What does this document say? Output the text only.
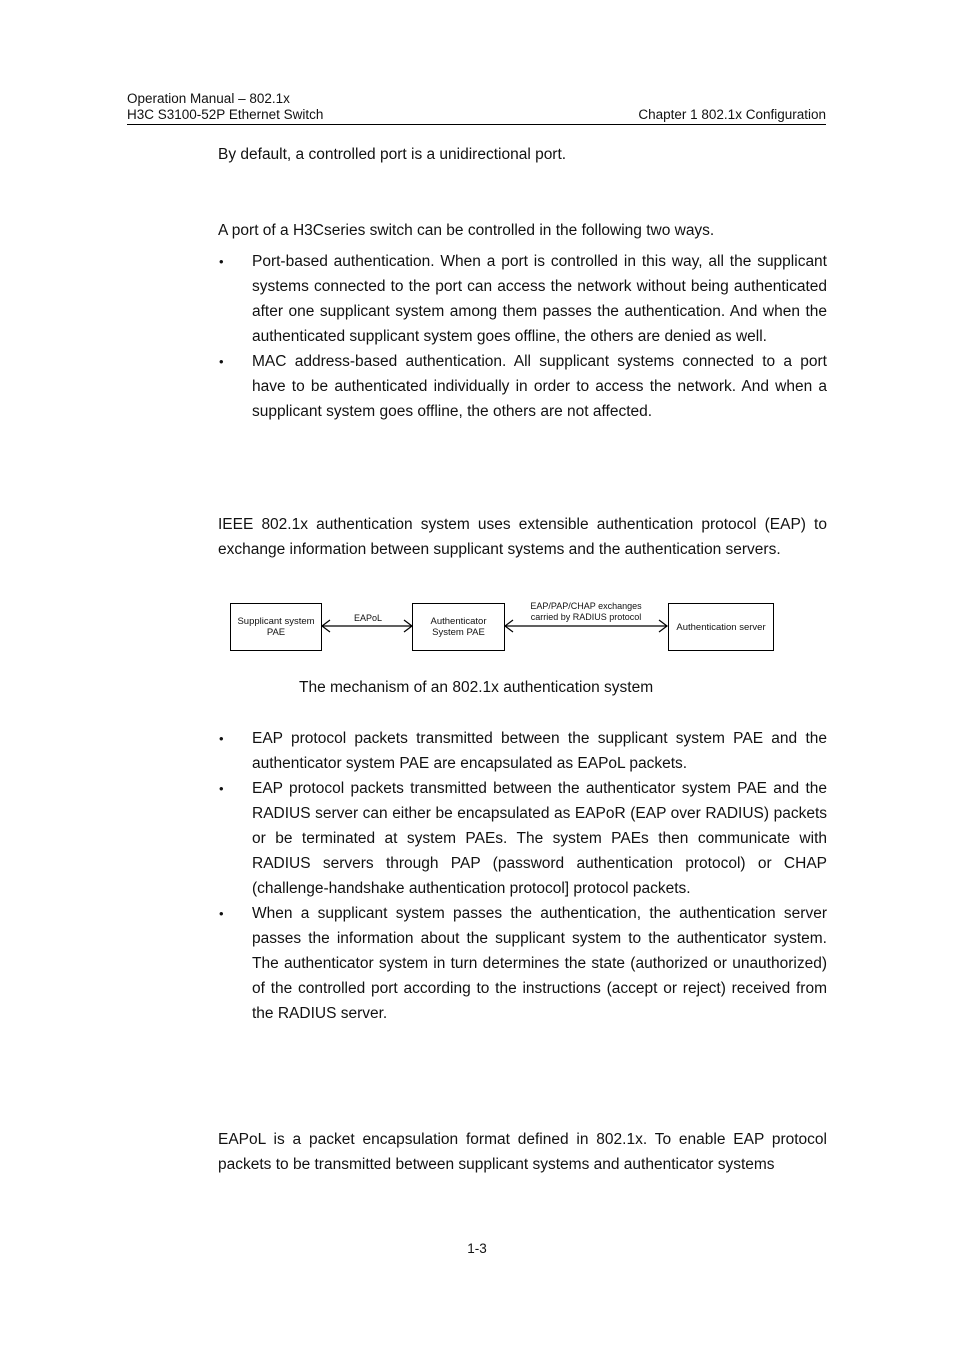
Operation Manual – 802.1x
H3C S3100-52P Ethernet Switch	Chapter 1 802.1x Configuration
By default, a controlled port is a unidirectional port.
A port of a H3Cseries switch can be controlled in the following two ways.
• Port-based authentication. When a port is controlled in this way, all the supplicant systems connected to the port can access the network without being authenticated after one supplicant system among them passes the authentication. And when the authenticated supplicant system goes offline, the others are denied as well.
• MAC address-based authentication. All supplicant systems connected to a port have to be authenticated individually in order to access the network. And when a supplicant system goes offline, the others are not affected.
IEEE 802.1x authentication system uses extensible authentication protocol (EAP) to exchange information between supplicant systems and the authentication servers.
Supplicant system
PAE
EAPoL	Authenticator
System PAE
EAP/PAP/CHAP exchanges
carried by RADIUS protocol
Authentication server
The mechanism of an 802.1x authentication system
• EAP protocol packets transmitted between the supplicant system PAE and the authenticator system PAE are encapsulated as EAPoL packets.
• EAP protocol packets transmitted between the authenticator system PAE and the RADIUS server can either be encapsulated as EAPoR (EAP over RADIUS) packets or be terminated at system PAEs. The system PAEs then communicate with RADIUS servers through PAP (password authentication protocol) or CHAP (challenge-handshake authentication protocol] protocol packets.
• When a supplicant system passes the authentication, the authentication server passes the information about the supplicant system to the authenticator system. The authenticator system in turn determines the state (authorized or unauthorized) of the controlled port according to the instructions (accept or reject) received from the RADIUS server.
EAPoL is a packet encapsulation format defined in 802.1x. To enable EAP protocol packets to be transmitted between supplicant systems and authenticator systems
1-3
